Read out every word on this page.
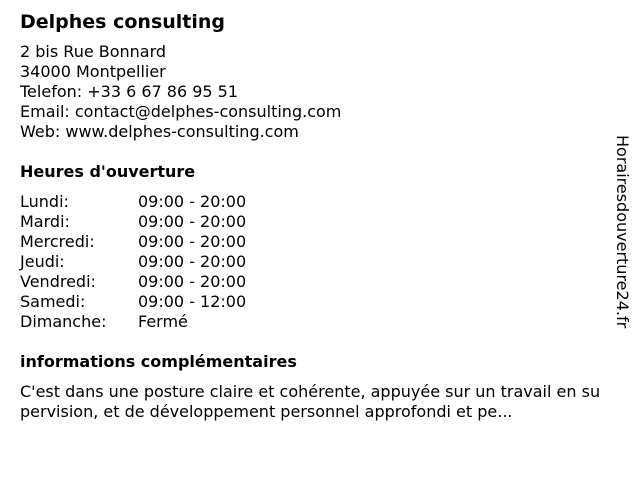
Delphes consulting
2 bis Rue Bonnard
34000 Montpellier
Telefon: +33 6 67 86 95 51
Email: contact@delphes-consulting.com
Web: www.delphes-consulting.com
Heures d'ouverture
Lundi:	09:00 - 20:00
Mardi:	09:00 - 20:00
Mercredi:	09:00 - 20:00
Jeudi:	09:00 - 20:00
Vendredi:	09:00 - 20:00
Samedi:	09:00 - 12:00
Dimanche:	Fermé
informations complémentaires
C'est dans une posture claire et cohérente, appuyée sur un travail en supervision, et de développement personnel approfondi et pe...
Horairesdouverture24.fr
